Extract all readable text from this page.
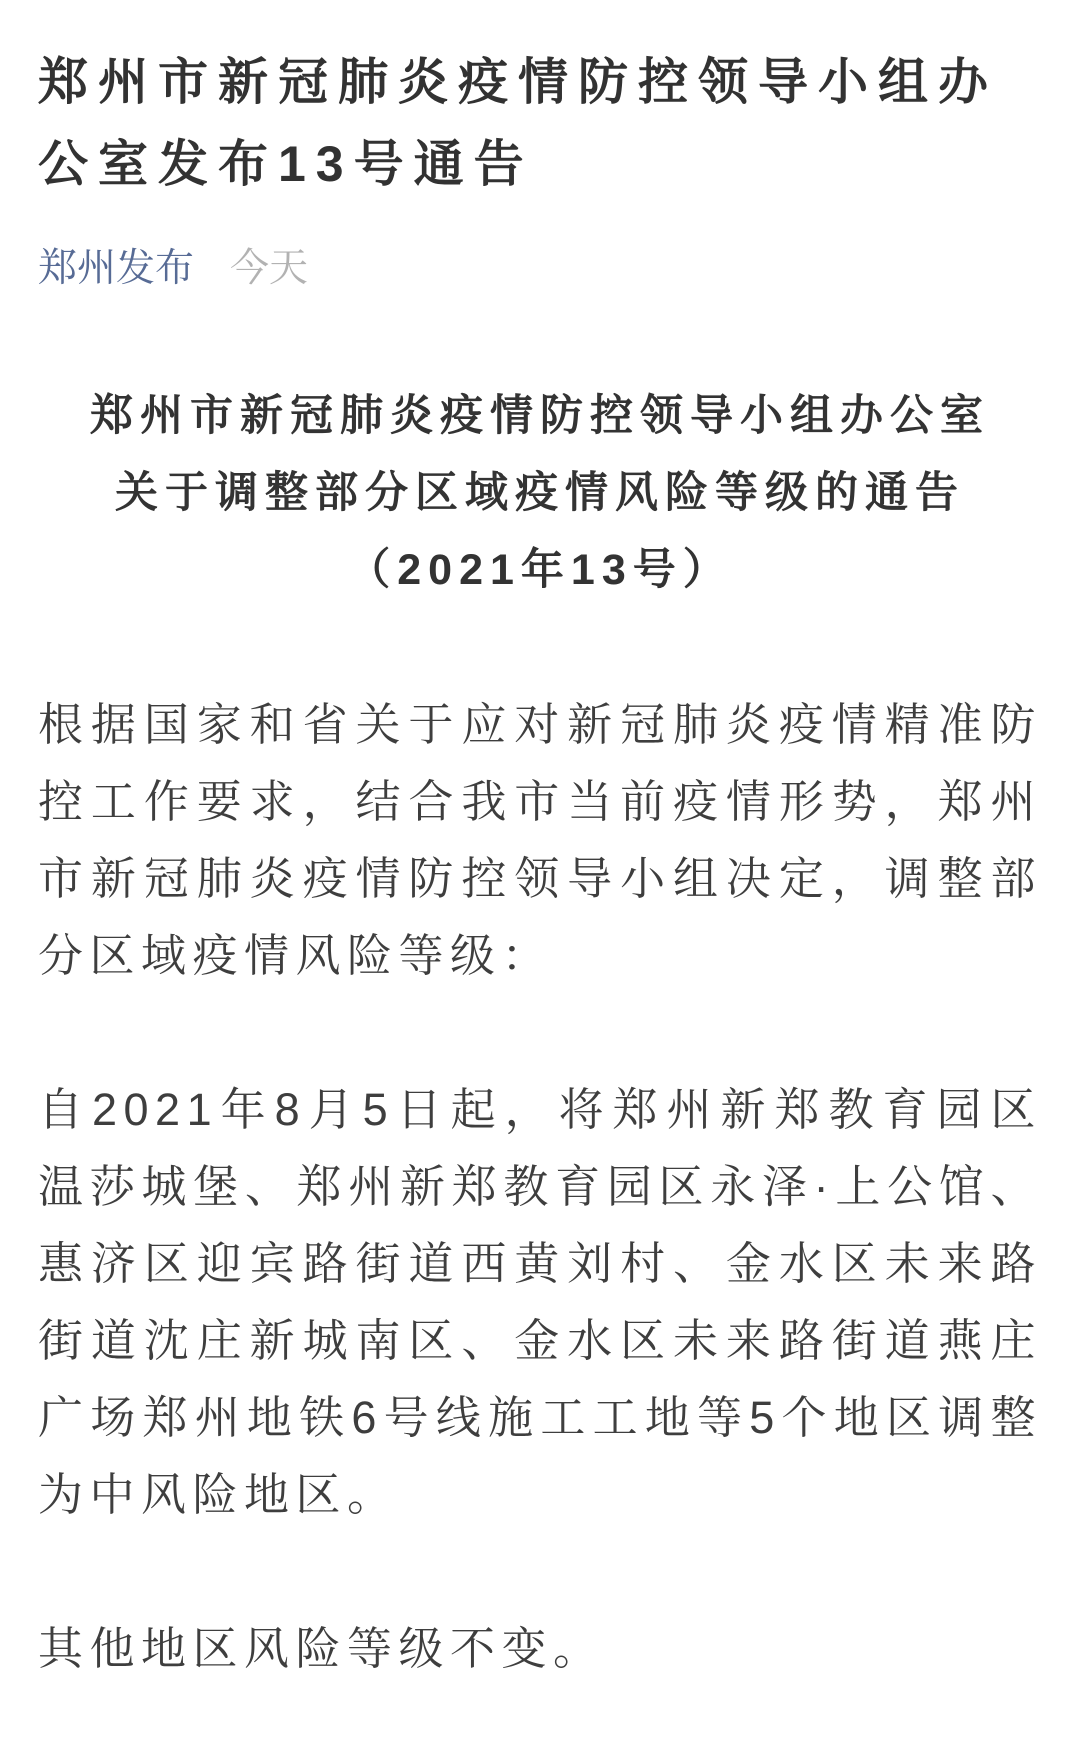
郑州市新冠肺炎疫情防控领导小组办公室发布13号通告
郑州发布 今天

郑州市新冠肺炎疫情防控领导小组办公室

关于调整部分区域疫情风险等级的通告

（2021年13号）

根据国家和省关于应对新冠肺炎疫情精准防控工作要求，结合我市当前疫情形势，郑州市新冠肺炎疫情防控领导小组决定，调整部分区域疫情风险等级：

自2021年8月5日起，将郑州新郑教育园区温莎城堡、郑州新郑教育园区永泽·上公馆、惠济区迎宾路街道西黄刘村、金水区未来路街道沈庄新城南区、金水区未来路街道燕庄广场郑州地铁6号线施工工地等5个地区调整为中风险地区。

其他地区风险等级不变。
